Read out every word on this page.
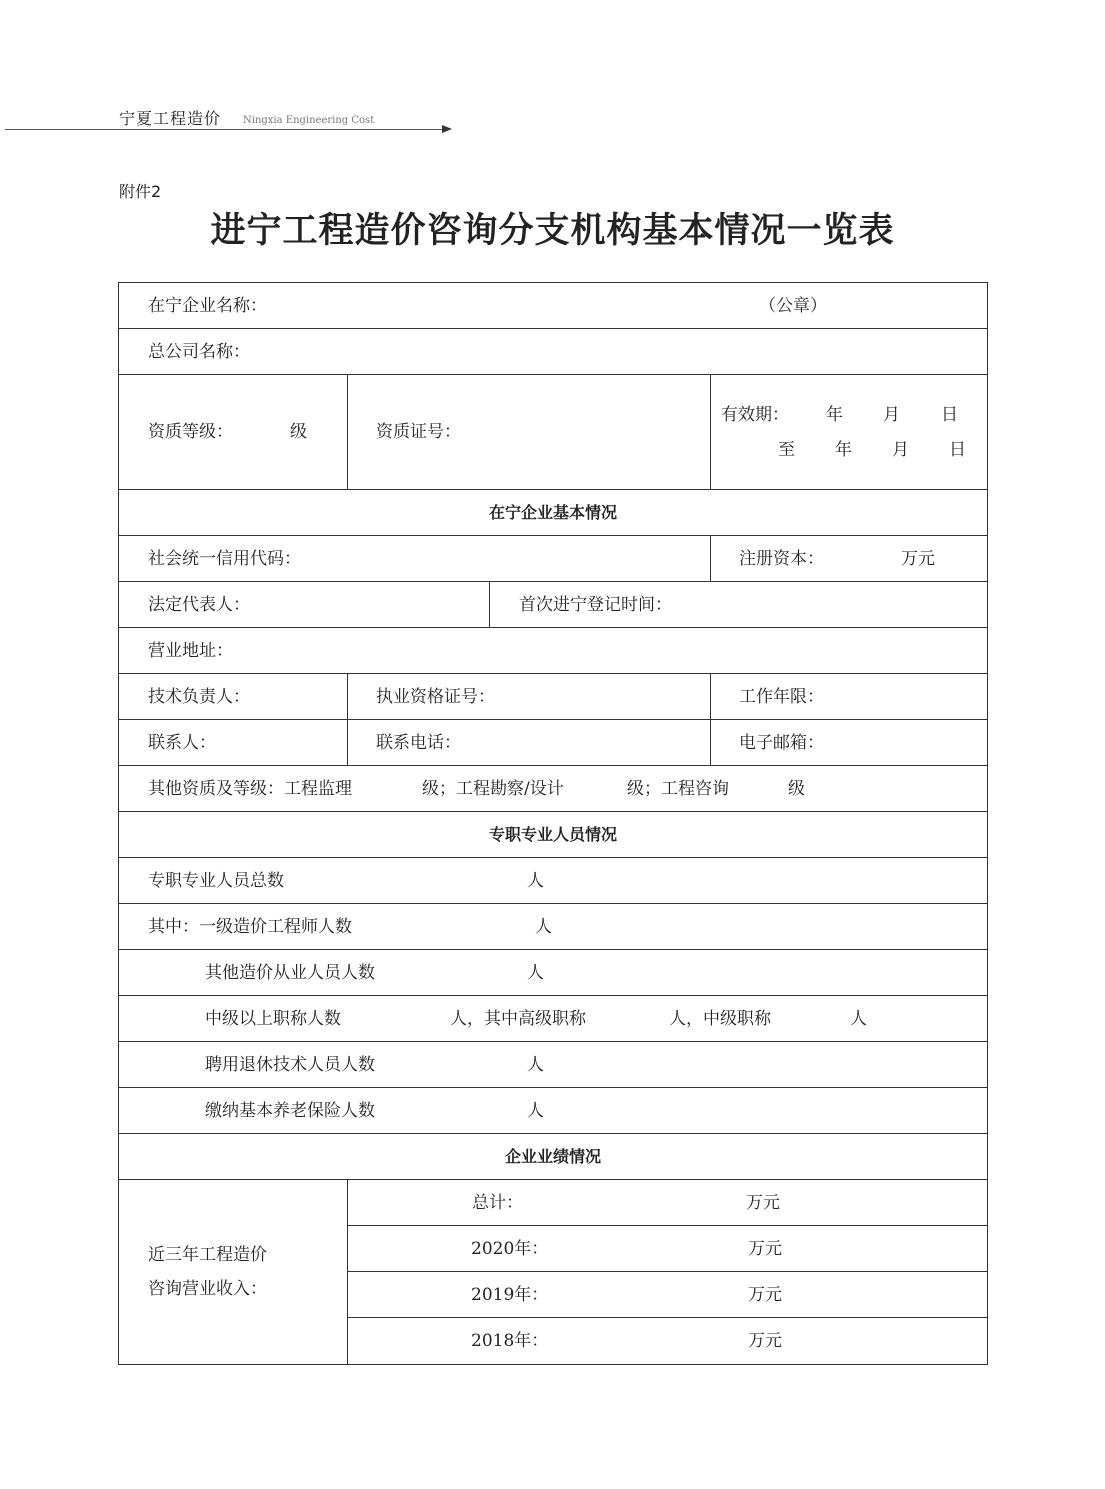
宁夏工程造价 Ningxia Engineering Cost
附件2
进宁工程造价咨询分支机构基本情况一览表
在宁企业名称：	（公章）
总公司名称：
资质等级：	级	资质证号：
有效期： 年 月 日
至 年 月 日
在宁企业基本情况
社会统一信用代码：	注册资本：	万元
法定代表人：	首次进宁登记时间：
营业地址：
技术负责人：	执业资格证号：	工作年限：
联系人：	联系电话：	电子邮箱：
其他资质及等级：工程监理	级；工程勘察/设计	级；工程咨询	级
专职专业人员情况
专职专业人员总数	人
其中：一级造价工程师人数	人
其他造价从业人员人数	人
中级以上职称人数	人，其中高级职称	人，中级职称	人
聘用退休技术人员人数	人
缴纳基本养老保险人数	人
企业业绩情况
近三年工程造价
咨询营业收入：
总计：	万元
2020年：	万元
2019年：	万元
2018年：	万元
